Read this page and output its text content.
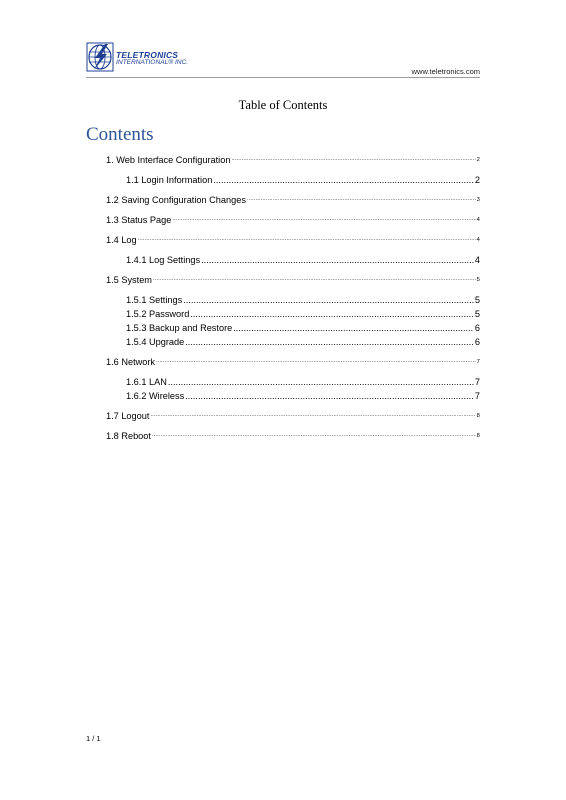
TELETRONICS
INTERNATIONAL® INC.
www.teletronics.com
Table of Contents
Contents
1. Web Interface Configuration .....	2
1.1 Login Information .....	2
1.2 Saving Configuration Changes .....	3
1.3 Status Page .....	4
1.4 Log .....	4
1.4.1 Log Settings .....	4
1.5 System .....	5
1.5.1 Settings .....	5
1.5.2 Password .....	5
1.5.3 Backup and Restore .....	6
1.5.4 Upgrade .....	6
1.6 Network .....	7
1.6.1 LAN .....	7
1.6.2 Wireless .....	7
1.7 Logout .....	8
1.8 Reboot .....	8
1 / 1
